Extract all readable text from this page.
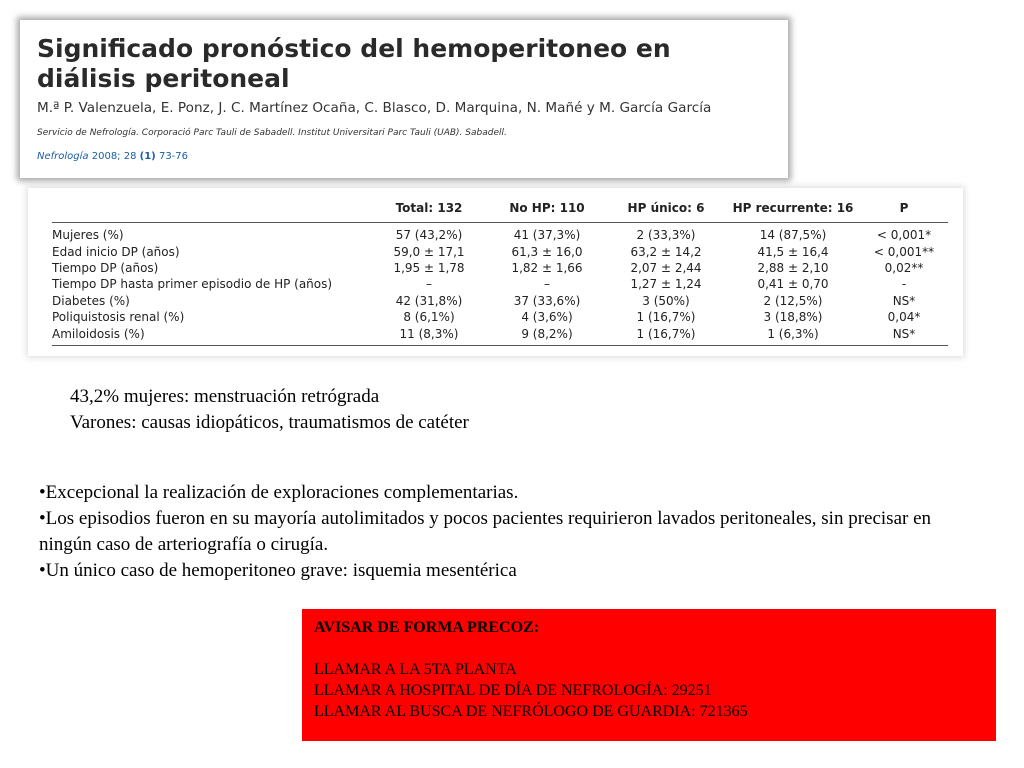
Significado pronóstico del hemoperitoneo en diálisis peritoneal
M.ª P. Valenzuela, E. Ponz, J. C. Martínez Ocaña, C. Blasco, D. Marquina, N. Mañé y M. García García
Servicio de Nefrología. Corporació Parc Tauli de Sabadell. Institut Universitari Parc Tauli (UAB). Sabadell.
Nefrología 2008; 28 (1) 73-76
	Total: 132	No HP: 110	HP único: 6	HP recurrente: 16	P
Mujeres (%)	57 (43,2%)	41 (37,3%)	2 (33,3%)	14 (87,5%)	< 0,001*
Edad inicio DP (años)	59,0 ± 17,1	61,3 ± 16,0	63,2 ± 14,2	41,5 ± 16,4	< 0,001**
Tiempo DP (años)	1,95 ± 1,78	1,82 ± 1,66	2,07 ± 2,44	2,88 ± 2,10	0,02**
Tiempo DP hasta primer episodio de HP (años)	–	–	1,27 ± 1,24	0,41 ± 0,70	-
Diabetes (%)	42 (31,8%)	37 (33,6%)	3 (50%)	2 (12,5%)	NS*
Poliquistosis renal (%)	8 (6,1%)	4 (3,6%)	1 (16,7%)	3 (18,8%)	0,04*
Amiloidosis (%)	11 (8,3%)	9 (8,2%)	1 (16,7%)	1 (6,3%)	NS*

43,2% mujeres: menstruación retrógrada

Varones: causas idiopáticos, traumatismos de catéter

•Excepcional la realización de exploraciones complementarias.

•Los episodios fueron en su mayoría autolimitados y pocos pacientes requirieron lavados peritoneales, sin precisar en ningún caso de arteriografía o cirugía.

•Un único caso de hemoperitoneo grave: isquemia mesentérica

AVISAR DE FORMA PRECOZ:

LLAMAR A LA 5TA PLANTA

LLAMAR A HOSPITAL DE DÍA DE NEFROLOGÍA: 29251

LLAMAR AL BUSCA DE NEFRÓLOGO DE GUARDIA: 721365
